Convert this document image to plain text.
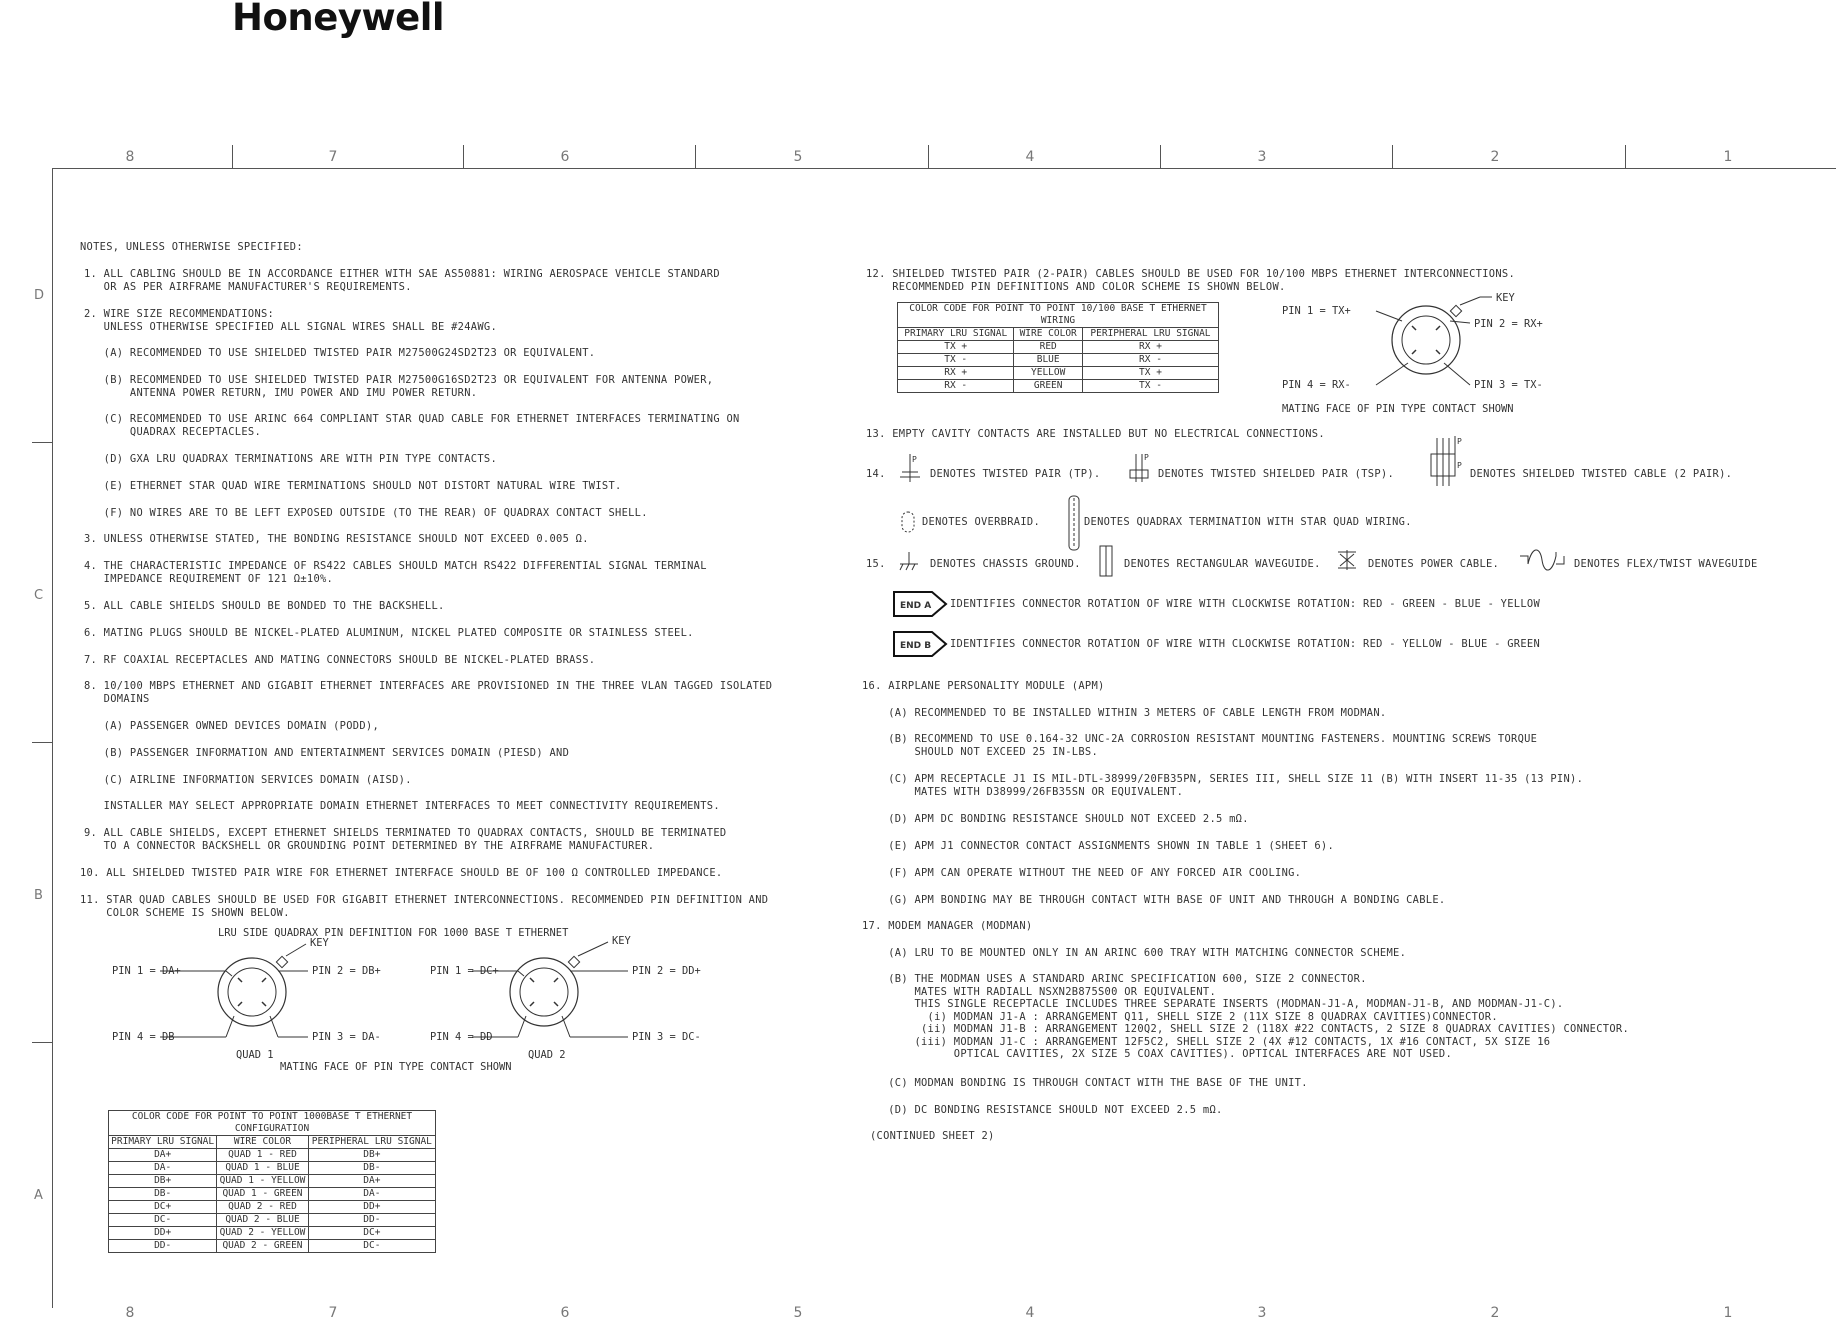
Honeywell
8	7	6	5	4	3	2	1
D
C
B
A
8	7	6	5	4	3	2	1
NOTES, UNLESS OTHERWISE SPECIFIED:
1. ALL CABLING SHOULD BE IN ACCORDANCE EITHER WITH SAE AS50881: WIRING AEROSPACE VEHICLE STANDARD
OR AS PER AIRFRAME MANUFACTURER'S REQUIREMENTS.
2. WIRE SIZE RECOMMENDATIONS:
UNLESS OTHERWISE SPECIFIED ALL SIGNAL WIRES SHALL BE #24AWG.
(A) RECOMMENDED TO USE SHIELDED TWISTED PAIR M27500G24SD2T23 OR EQUIVALENT.
(B) RECOMMENDED TO USE SHIELDED TWISTED PAIR M27500G16SD2T23 OR EQUIVALENT FOR ANTENNA POWER,
ANTENNA POWER RETURN, IMU POWER AND IMU POWER RETURN.
(C) RECOMMENDED TO USE ARINC 664 COMPLIANT STAR QUAD CABLE FOR ETHERNET INTERFACES TERMINATING ON
QUADRAX RECEPTACLES.
(D) GXA LRU QUADRAX TERMINATIONS ARE WITH PIN TYPE CONTACTS.
(E) ETHERNET STAR QUAD WIRE TERMINATIONS SHOULD NOT DISTORT NATURAL WIRE TWIST.
(F) NO WIRES ARE TO BE LEFT EXPOSED OUTSIDE (TO THE REAR) OF QUADRAX CONTACT SHELL.
3. UNLESS OTHERWISE STATED, THE BONDING RESISTANCE SHOULD NOT EXCEED 0.005 Ω.
4. THE CHARACTERISTIC IMPEDANCE OF RS422 CABLES SHOULD MATCH RS422 DIFFERENTIAL SIGNAL TERMINAL
IMPEDANCE REQUIREMENT OF 121 Ω±10%.
5. ALL CABLE SHIELDS SHOULD BE BONDED TO THE BACKSHELL.
6. MATING PLUGS SHOULD BE NICKEL-PLATED ALUMINUM, NICKEL PLATED COMPOSITE OR STAINLESS STEEL.
7. RF COAXIAL RECEPTACLES AND MATING CONNECTORS SHOULD BE NICKEL-PLATED BRASS.
8. 10/100 MBPS ETHERNET AND GIGABIT ETHERNET INTERFACES ARE PROVISIONED IN THE THREE VLAN TAGGED ISOLATED
DOMAINS
(A) PASSENGER OWNED DEVICES DOMAIN (PODD),
(B) PASSENGER INFORMATION AND ENTERTAINMENT SERVICES DOMAIN (PIESD) AND
(C) AIRLINE INFORMATION SERVICES DOMAIN (AISD).
INSTALLER MAY SELECT APPROPRIATE DOMAIN ETHERNET INTERFACES TO MEET CONNECTIVITY REQUIREMENTS.
9. ALL CABLE SHIELDS, EXCEPT ETHERNET SHIELDS TERMINATED TO QUADRAX CONTACTS, SHOULD BE TERMINATED
TO A CONNECTOR BACKSHELL OR GROUNDING POINT DETERMINED BY THE AIRFRAME MANUFACTURER.
10. ALL SHIELDED TWISTED PAIR WIRE FOR ETHERNET INTERFACE SHOULD BE OF 100 Ω CONTROLLED IMPEDANCE.
11. STAR QUAD CABLES SHOULD BE USED FOR GIGABIT ETHERNET INTERCONNECTIONS. RECOMMENDED PIN DEFINITION AND
COLOR SCHEME IS SHOWN BELOW.
LRU SIDE QUADRAX PIN DEFINITION FOR 1000 BASE T ETHERNET
KEY
PIN 1 = DA+	PIN 2 = DB+
PIN 4 = DB-	PIN 3 = DA-
QUAD 1
KEY
PIN 1 = DC+	PIN 2 = DD+
PIN 4 = DD-	PIN 3 = DC-
QUAD 2
MATING FACE OF PIN TYPE CONTACT SHOWN
COLOR CODE FOR POINT TO POINT 1000BASE T ETHERNET CONFIGURATION		
PRIMARY LRU SIGNAL	WIRE COLOR	PERIPHERAL LRU SIGNAL
DA+	QUAD 1 - RED	DB+
DA-	QUAD 1 - BLUE	DB-
DB+	QUAD 1 - YELLOW	DA+
DB-	QUAD 1 - GREEN	DA-
DC+	QUAD 2 - RED	DD+
DC-	QUAD 2 - BLUE	DD-
DD+	QUAD 2 - YELLOW	DC+
DD-	QUAD 2 - GREEN	DC-
12. SHIELDED TWISTED PAIR (2-PAIR) CABLES SHOULD BE USED FOR 10/100 MBPS ETHERNET INTERCONNECTIONS.
RECOMMENDED PIN DEFINITIONS AND COLOR SCHEME IS SHOWN BELOW.
COLOR CODE FOR POINT TO POINT 10/100 BASE T ETHERNET WIRING		
PRIMARY LRU SIGNAL	WIRE COLOR	PERIPHERAL LRU SIGNAL
TX +	RED	RX +
TX -	BLUE	RX -
RX +	YELLOW	TX +
RX -	GREEN	TX -
KEY
PIN 1 = TX+
PIN 2 = RX+
PIN 4 = RX-	PIN 3 = TX-
MATING FACE OF PIN TYPE CONTACT SHOWN
13. EMPTY CAVITY CONTACTS ARE INSTALLED BUT NO ELECTRICAL CONNECTIONS.
14.
P
DENOTES TWISTED PAIR (TP).
P
DENOTES TWISTED SHIELDED PAIR (TSP).
P
P
DENOTES SHIELDED TWISTED CABLE (2 PAIR).
DENOTES OVERBRAID.	DENOTES QUADRAX TERMINATION WITH STAR QUAD WIRING.
15.	DENOTES CHASSIS GROUND.	DENOTES RECTANGULAR WAVEGUIDE.	DENOTES POWER CABLE.	DENOTES FLEX/TWIST WAVEGUIDE
END A IDENTIFIES CONNECTOR ROTATION OF WIRE WITH CLOCKWISE ROTATION: RED - GREEN - BLUE - YELLOW
END B IDENTIFIES CONNECTOR ROTATION OF WIRE WITH CLOCKWISE ROTATION: RED - YELLOW - BLUE - GREEN
16. AIRPLANE PERSONALITY MODULE (APM)
(A) RECOMMENDED TO BE INSTALLED WITHIN 3 METERS OF CABLE LENGTH FROM MODMAN.
(B) RECOMMEND TO USE 0.164-32 UNC-2A CORROSION RESISTANT MOUNTING FASTENERS. MOUNTING SCREWS TORQUE
SHOULD NOT EXCEED 25 IN-LBS.
(C) APM RECEPTACLE J1 IS MIL-DTL-38999/20FB35PN, SERIES III, SHELL SIZE 11 (B) WITH INSERT 11-35 (13 PIN).
MATES WITH D38999/26FB35SN OR EQUIVALENT.
(D) APM DC BONDING RESISTANCE SHOULD NOT EXCEED 2.5 mΩ.
(E) APM J1 CONNECTOR CONTACT ASSIGNMENTS SHOWN IN TABLE 1 (SHEET 6).
(F) APM CAN OPERATE WITHOUT THE NEED OF ANY FORCED AIR COOLING.
(G) APM BONDING MAY BE THROUGH CONTACT WITH BASE OF UNIT AND THROUGH A BONDING CABLE.
17. MODEM MANAGER (MODMAN)
(A) LRU TO BE MOUNTED ONLY IN AN ARINC 600 TRAY WITH MATCHING CONNECTOR SCHEME.
(B) THE MODMAN USES A STANDARD ARINC SPECIFICATION 600, SIZE 2 CONNECTOR.
MATES WITH RADIALL NSXN2B875S00 OR EQUIVALENT.
THIS SINGLE RECEPTACLE INCLUDES THREE SEPARATE INSERTS (MODMAN-J1-A, MODMAN-J1-B, AND MODMAN-J1-C).
(i) MODMAN J1-A : ARRANGEMENT Q11, SHELL SIZE 2 (11X SIZE 8 QUADRAX CAVITIES)CONNECTOR.
(ii) MODMAN J1-B : ARRANGEMENT 120Q2, SHELL SIZE 2 (118X #22 CONTACTS, 2 SIZE 8 QUADRAX CAVITIES) CONNECTOR.
(iii) MODMAN J1-C : ARRANGEMENT 12F5C2, SHELL SIZE 2 (4X #12 CONTACTS, 1X #16 CONTACT, 5X SIZE 16
OPTICAL CAVITIES, 2X SIZE 5 COAX CAVITIES). OPTICAL INTERFACES ARE NOT USED.
(C) MODMAN BONDING IS THROUGH CONTACT WITH THE BASE OF THE UNIT.
(D) DC BONDING RESISTANCE SHOULD NOT EXCEED 2.5 mΩ.
(CONTINUED SHEET 2)
